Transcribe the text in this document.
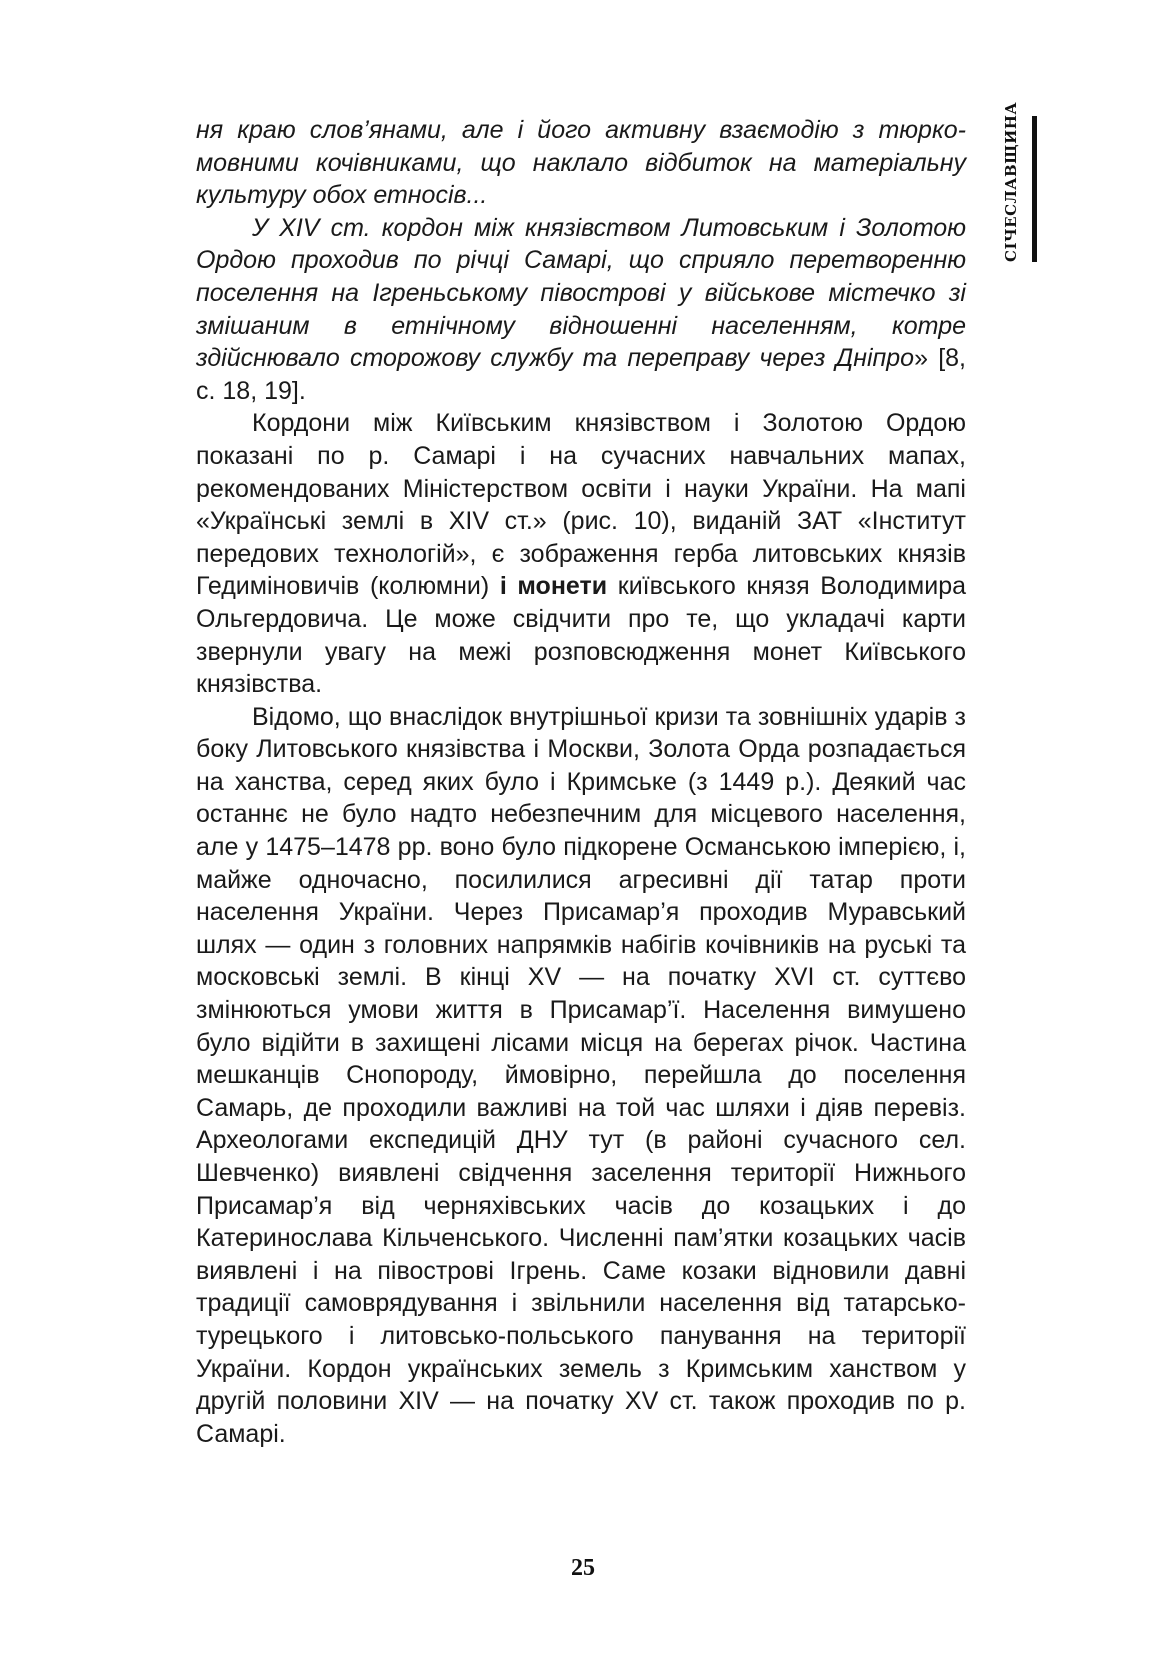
СІЧЕСЛАВЩИНА

ня краю слов’янами, але і його активну взаємодію з тюрко-мовними кочівниками, що наклало відбиток на матеріальну культуру обох етносів...

У XIV ст. кордон між князівством Литовським і Золотою Ордою проходив по річці Самарі, що сприяло перетворенню поселення на Ігреньському півострові у військове містечко зі змішаним в етнічному відношенні населенням, котре здійснювало сторожову службу та переправу через Дніпро» [8, с. 18, 19].

Кордони між Київським князівством і Золотою Ордою показані по р. Самарі і на сучасних навчальних мапах, рекомендованих Міністерством освіти і науки України. На мапі «Українські землі в XIV ст.» (рис. 10), виданій ЗАТ «Інститут передових технологій», є зображення герба литовських князів Гедиміновичів (колюмни) і монети київського князя Володимира Ольгердовича. Це може свідчити про те, що укладачі карти звернули увагу на межі розповсюдження монет Київського князівства.

Відомо, що внаслідок внутрішньої кризи та зовнішніх ударів з боку Литовського князівства і Москви, Золота Орда розпадається на ханства, серед яких було і Кримське (з 1449 р.). Деякий час останнє не було надто небезпечним для місцевого населення, але у 1475–1478 рр. воно було підкорене Османською імперією, і, майже одночасно, посилилися агресивні дії татар проти населення України. Через Присамар’я проходив Муравський шлях — один з головних напрямків набігів кочівників на руські та московські землі. В кінці XV — на початку XVI ст. суттєво змінюються умови життя в Присамар’ї. Населення вимушено було відійти в захищені лісами місця на берегах річок. Частина мешканців Снопороду, ймовірно, перейшла до поселення Самарь, де проходили важливі на той час шляхи і діяв перевіз. Археологами експедицій ДНУ тут (в районі сучасного сел. Шевченко) виявлені свідчення заселення території Нижнього Присамар’я від черняхівських часів до козацьких і до Катеринослава Кільченського. Численні пам’ятки козацьких часів виявлені і на півострові Ігрень. Саме козаки відновили давні традиції самоврядування і звільнили населення від татарсько-турецького і литовсько-польського панування на території України. Кордон українських земель з Кримським ханством у другій половини XIV — на початку XV ст. також проходив по р. Самарі.

25
